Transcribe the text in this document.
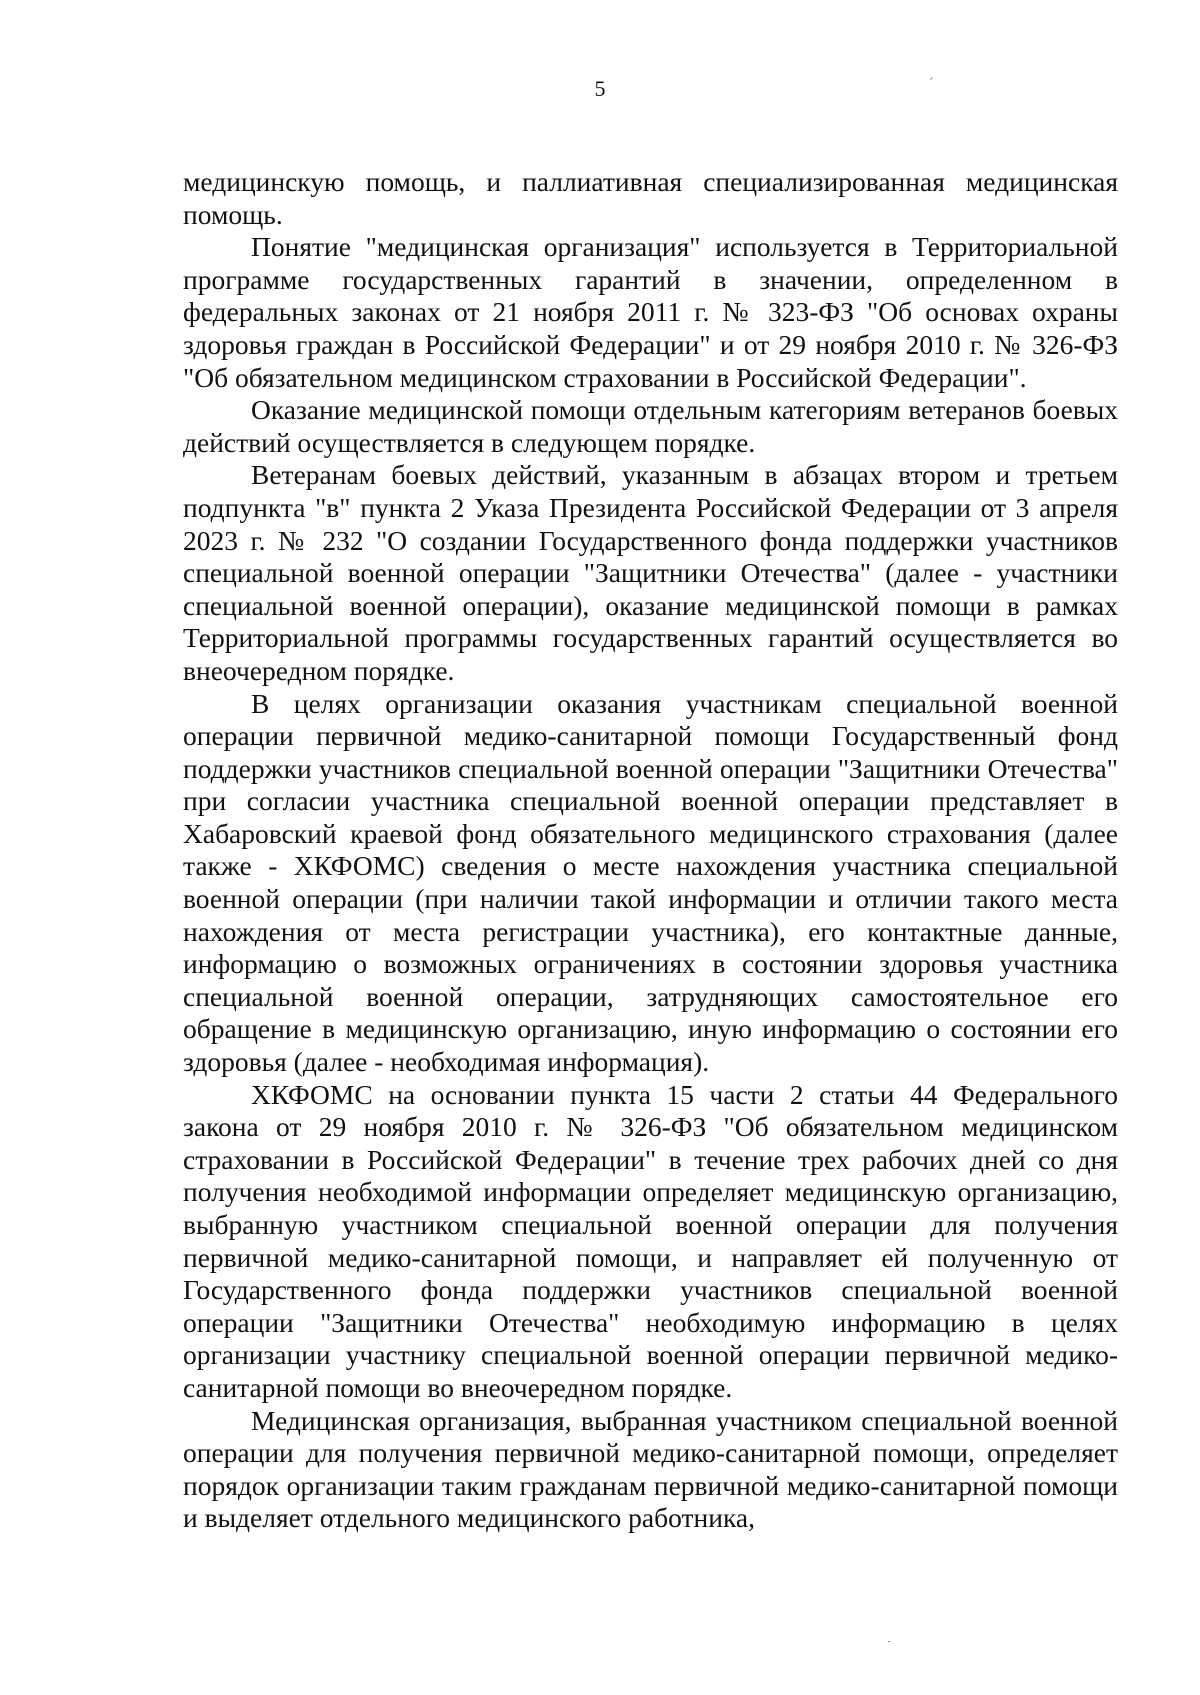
5

медицинскую помощь, и паллиативная специализированная медицинская помощь.

Понятие "медицинская организация" используется в Территориальной программе государственных гарантий в значении, определенном в федеральных законах от 21 ноября 2011 г. № 323-ФЗ "Об основах охраны здоровья граждан в Российской Федерации" и от 29 ноября 2010 г. № 326-ФЗ "Об обязательном медицинском страховании в Российской Федерации".

Оказание медицинской помощи отдельным категориям ветеранов боевых действий осуществляется в следующем порядке.

Ветеранам боевых действий, указанным в абзацах втором и третьем подпункта "в" пункта 2 Указа Президента Российской Федерации от 3 апреля 2023 г. № 232 "О создании Государственного фонда поддержки участников специальной военной операции "Защитники Отечества" (далее - участники специальной военной операции), оказание медицинской помощи в рамках Территориальной программы государственных гарантий осуществляется во внеочередном порядке.

В целях организации оказания участникам специальной военной операции первичной медико-санитарной помощи Государственный фонд поддержки участников специальной военной операции "Защитники Отечества" при согласии участника специальной военной операции представляет в Хабаровский краевой фонд обязательного медицинского страхования (далее также - ХКФОМС) сведения о месте нахождения участника специальной военной операции (при наличии такой информации и отличии такого места нахождения от места регистрации участника), его контактные данные, информацию о возможных ограничениях в состоянии здоровья участника специальной военной операции, затрудняющих самостоятельное его обращение в медицинскую организацию, иную информацию о состоянии его здоровья (далее - необходимая информация).

ХКФОМС на основании пункта 15 части 2 статьи 44 Федерального закона от 29 ноября 2010 г. № 326-ФЗ "Об обязательном медицинском страховании в Российской Федерации" в течение трех рабочих дней со дня получения необходимой информации определяет медицинскую организацию, выбранную участником специальной военной операции для получения первичной медико-санитарной помощи, и направляет ей полученную от Государственного фонда поддержки участников специальной военной операции "Защитники Отечества" необходимую информацию в целях организации участнику специальной военной операции первичной медико-санитарной помощи во внеочередном порядке.

Медицинская организация, выбранная участником специальной военной операции для получения первичной медико-санитарной помощи, определяет порядок организации таким гражданам первичной медико-санитарной помощи и выделяет отдельного медицинского работника,
